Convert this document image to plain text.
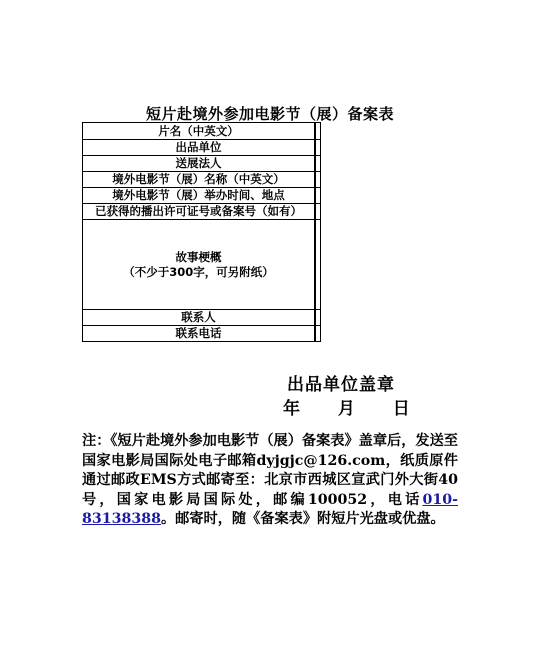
短片赴境外参加电影节（展）备案表
片名（中英文）	
出品单位	
送展法人	
境外电影节（展）名称（中英文）	
境外电影节（展）举办时间、地点	
已获得的播出许可证号或备案号（如有）	

故事梗概
（不少于300字，可另附纸）	

联系人	
联系电话	
出品单位盖章
年 月 日
注：《短片赴境外参加电影节（展）备案表》盖章后，发送至国家电影局国际处电子邮箱dyjgjc@126.com，纸质原件通过邮政EMS方式邮寄至：北京市西城区宣武门外大街40号，国家电影局国际处，邮编100052，电话010-83138388。邮寄时，随《备案表》附短片光盘或优盘。
